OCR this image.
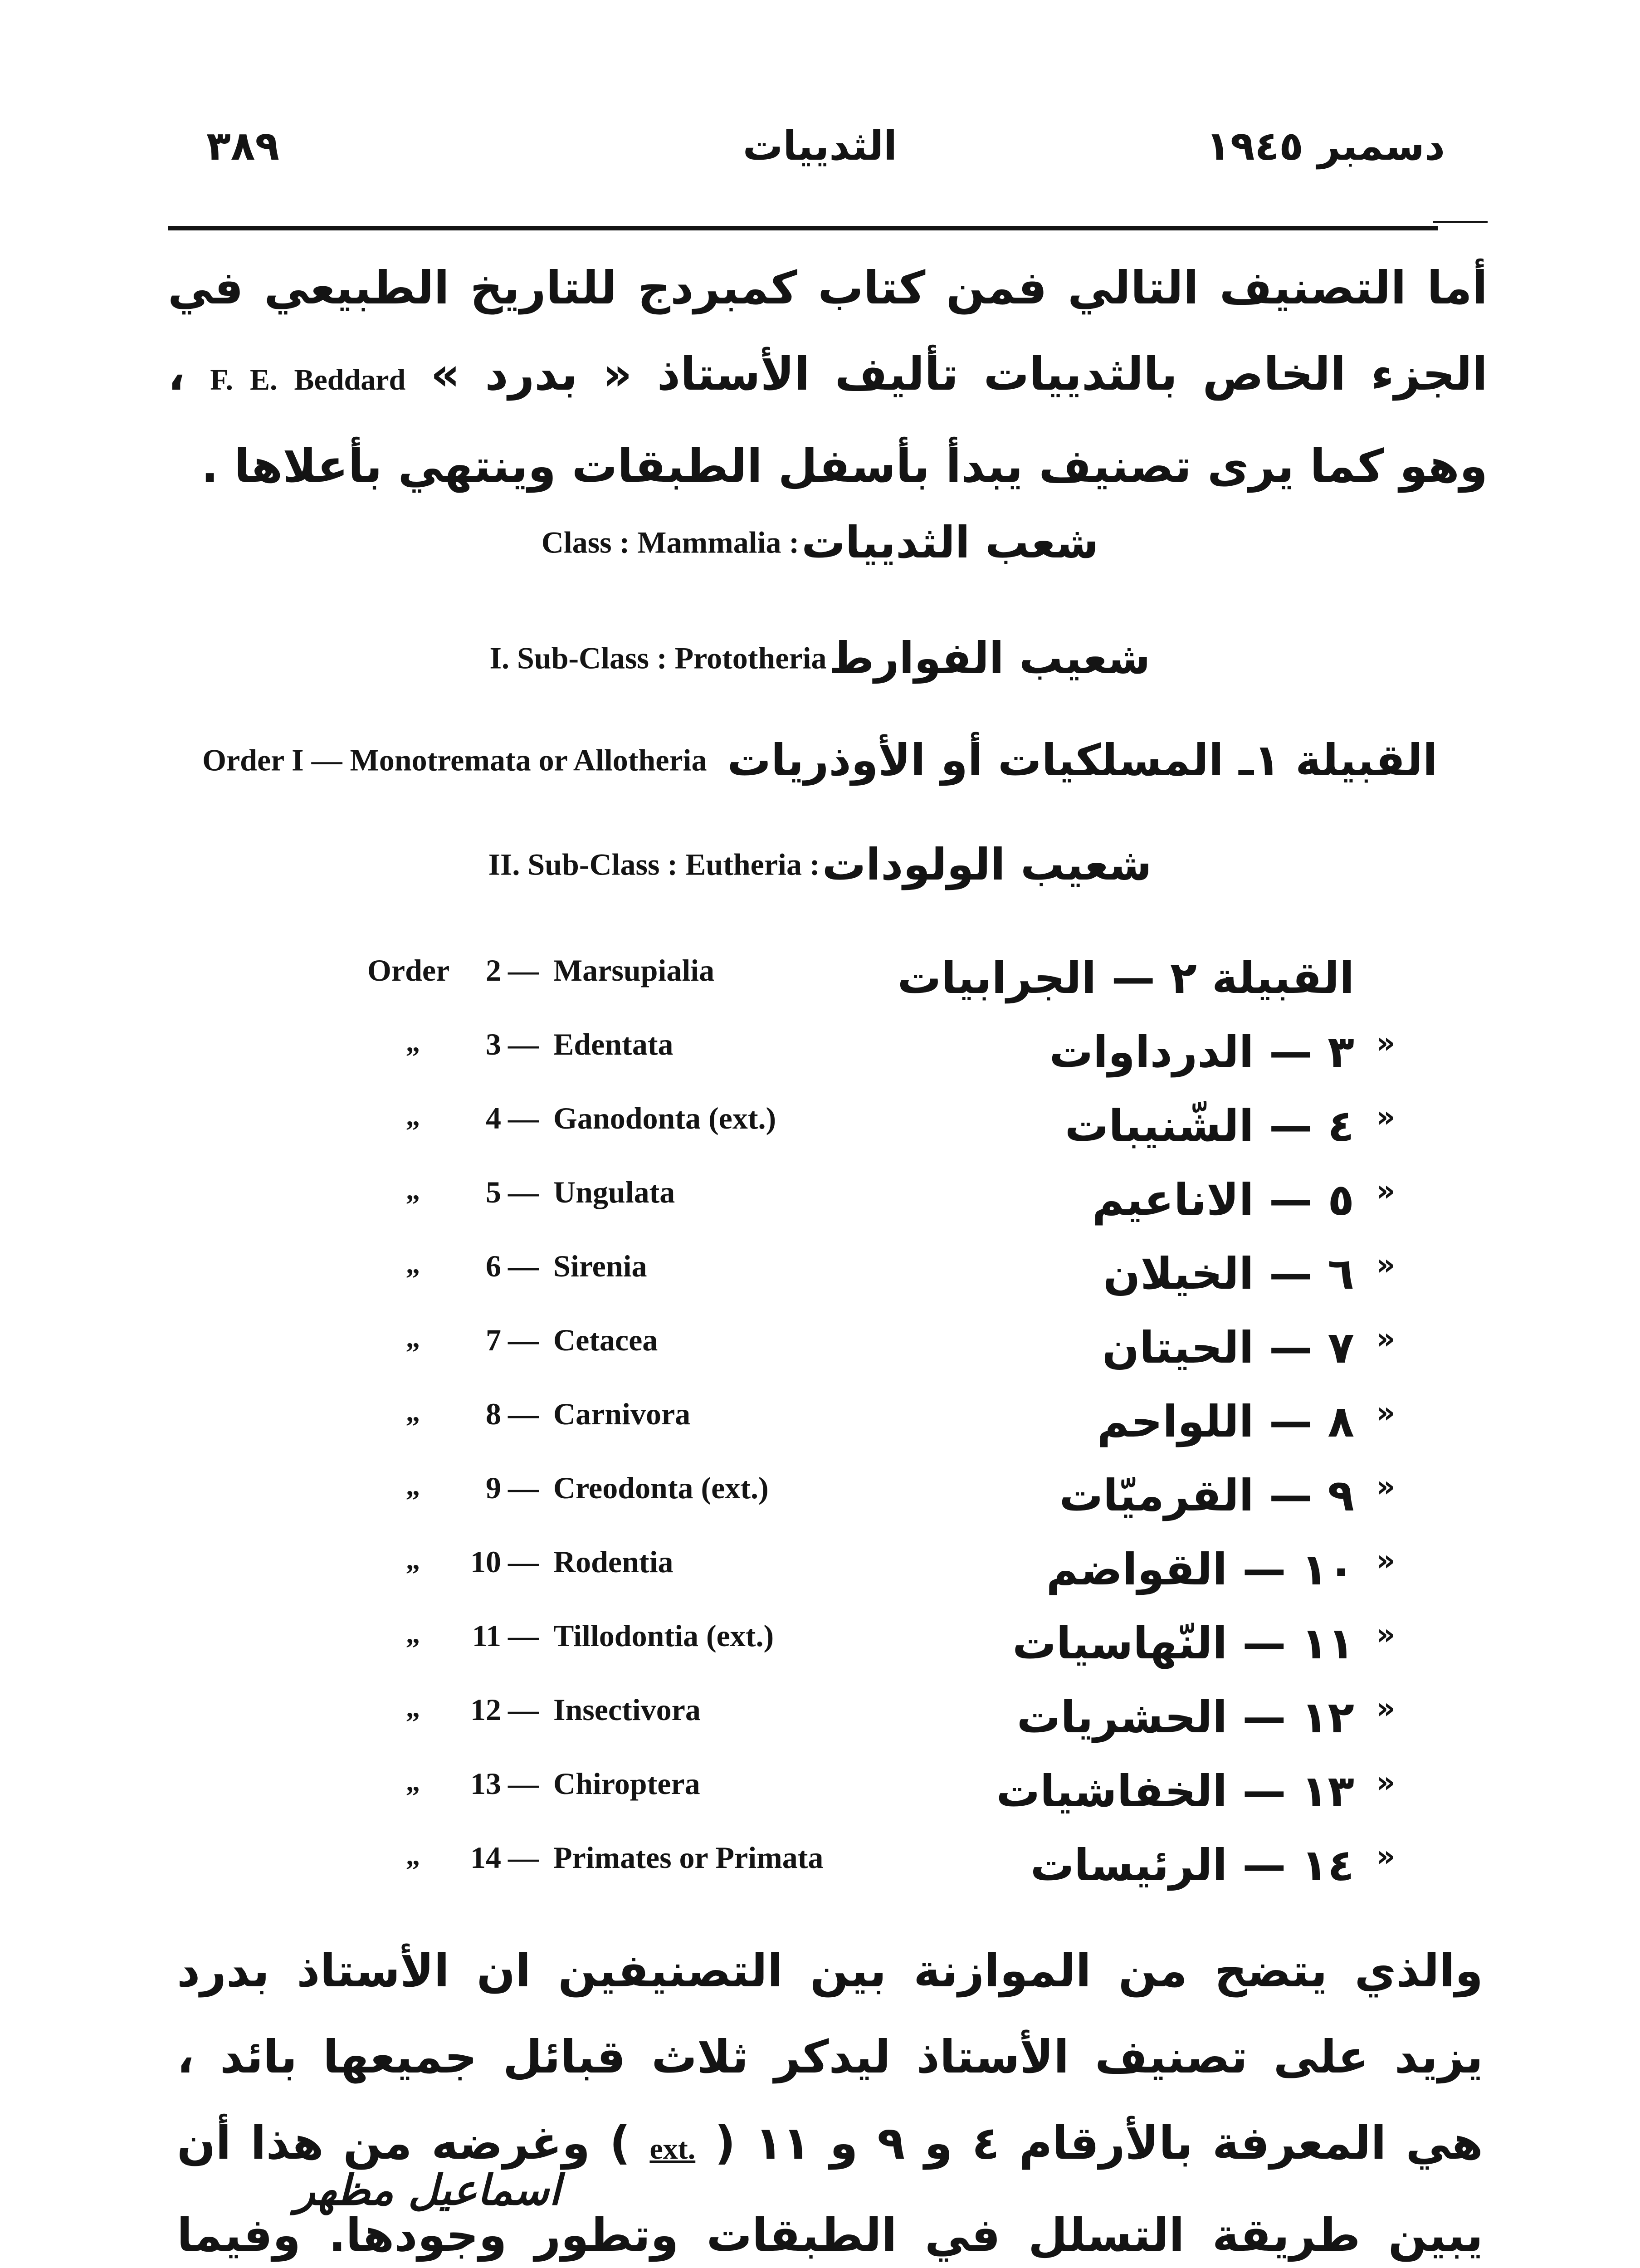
٣٨٩	الثدييات	دسمبر ١٩٤٥
أما التصنيف التالي فمن كتاب كمبردج للتاريخ الطبيعي في الجزء الخاص بالثدييات تأليف الأستاذ « بدرد » F. E. Beddard ، وهو كما يرى تصنيف يبدأ بأسفل الطبقات وينتهي بأعلاها .
Class : Mammalia : شعب الثدييات
I. Sub-Class : Prototheria شعيب الفوارط
Order I — Monotremata or Allotheria القبيلة ١ـ المسلكيات أو الأوذريات
II. Sub-Class : Eutheria : شعيب الولودات
Order	2 — Marsupialia	القبيلة ٢ — الجرابيات
„	3 — Edentata	٣ — الدرداوات »
„	4 — Ganodonta (ext.)	٤ — الشّنيبات »
„	5 — Ungulata	٥ — الاناعيم »
„	6 — Sirenia	٦ — الخيلان »
„	7 — Cetacea	٧ — الحيتان »
„	8 — Carnivora	٨ — اللواحم »
„	9 — Creodonta (ext.)	٩ — القرميّات »
„	10 — Rodentia	١٠ — القواضم »
„	11 — Tillodontia (ext.)	١١ — النّهاسيات »
„	12 — Insectivora	١٢ — الحشريات »
„	13 — Chiroptera	١٣ — الخفاشيات »
„	14 — Primates or Primata	١٤ — الرئيسات »
والذي يتضح من الموازنة بين التصنيفين ان الأستاذ بدرد يزيد على تصنيف الأستاذ ليدكر ثلاث قبائل جميعها بائد ، هي المعرفة بالأرقام ٤ و ٩ و ١١ ( ext. ) وغرضه من هذا أن يبين طريقة التسلل في الطبقات وتطور وجودها. وفيما
اسماعيل مظهر
